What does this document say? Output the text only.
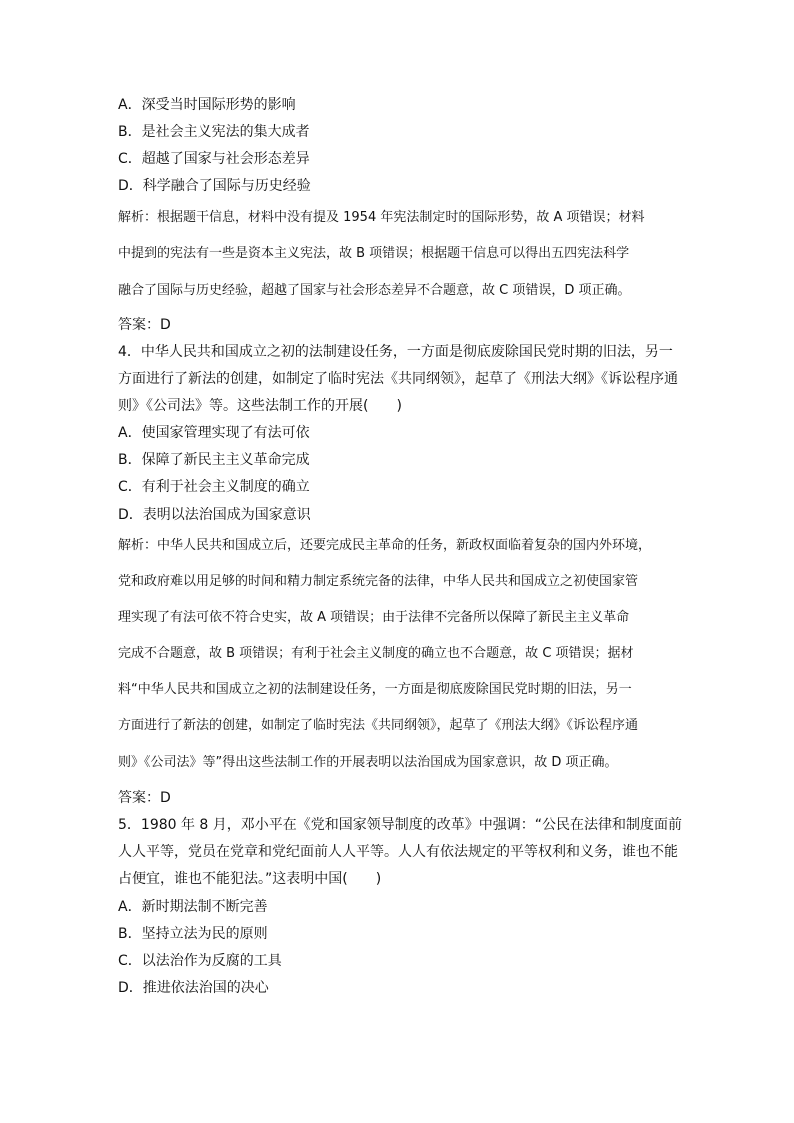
A．深受当时国际形势的影响
B．是社会主义宪法的集大成者
C．超越了国家与社会形态差异
D．科学融合了国际与历史经验
解析：根据题干信息，材料中没有提及 1954 年宪法制定时的国际形势，故 A 项错误；材料
中提到的宪法有一些是资本主义宪法，故 B 项错误；根据题干信息可以得出五四宪法科学
融合了国际与历史经验，超越了国家与社会形态差异不合题意，故 C 项错误，D 项正确。
答案：D
4．中华人民共和国成立之初的法制建设任务，一方面是彻底废除国民党时期的旧法，另一
方面进行了新法的创建，如制定了临时宪法《共同纲领》，起草了《刑法大纲》《诉讼程序通
则》《公司法》等。这些法制工作的开展(　　)
A．使国家管理实现了有法可依
B．保障了新民主主义革命完成
C．有利于社会主义制度的确立
D．表明以法治国成为国家意识
解析：中华人民共和国成立后，还要完成民主革命的任务，新政权面临着复杂的国内外环境，
党和政府难以用足够的时间和精力制定系统完备的法律，中华人民共和国成立之初使国家管
理实现了有法可依不符合史实，故 A 项错误；由于法律不完备所以保障了新民主主义革命
完成不合题意，故 B 项错误；有利于社会主义制度的确立也不合题意，故 C 项错误；据材
料“中华人民共和国成立之初的法制建设任务，一方面是彻底废除国民党时期的旧法，另一
方面进行了新法的创建，如制定了临时宪法《共同纲领》，起草了《刑法大纲》《诉讼程序通
则》《公司法》等”得出这些法制工作的开展表明以法治国成为国家意识，故 D 项正确。
答案：D
5．1980 年 8 月，邓小平在《党和国家领导制度的改革》中强调：“公民在法律和制度面前
人人平等，党员在党章和党纪面前人人平等。人人有依法规定的平等权利和义务，谁也不能
占便宜，谁也不能犯法。”这表明中国(　　)
A．新时期法制不断完善
B．坚持立法为民的原则
C．以法治作为反腐的工具
D．推进依法治国的决心
